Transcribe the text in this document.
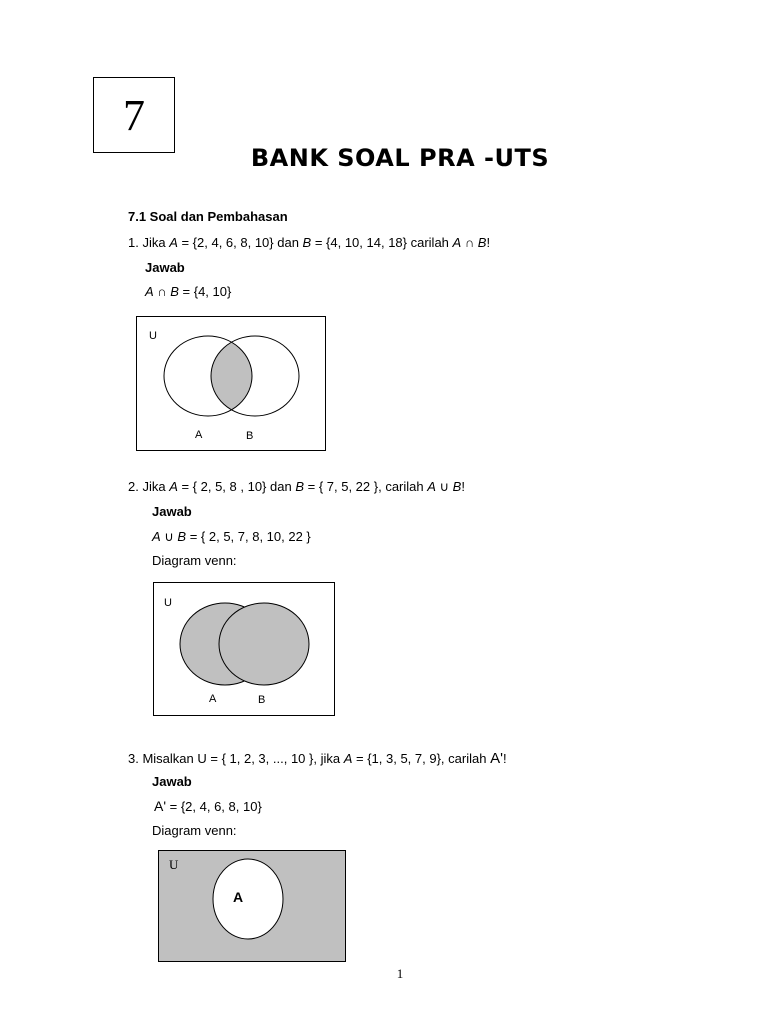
7
BANK SOAL PRA -UTS
7.1 Soal dan Pembahasan
1. Jika A = {2, 4, 6, 8, 10} dan B = {4, 10, 14, 18} carilah A ∩ B!
Jawab
A ∩ B = {4, 10}
U
A	B
2. Jika A = { 2, 5, 8 , 10} dan B = { 7, 5, 22 }, carilah A ∪ B!
Jawab
A ∪ B = { 2, 5, 7, 8, 10, 22 }
Diagram venn:
U
A	B
3. Misalkan U = { 1, 2, 3, ..., 10 }, jika A = {1, 3, 5, 7, 9}, carilah A'!
Jawab
A' = {2, 4, 6, 8, 10}
Diagram venn:
U
A
1
